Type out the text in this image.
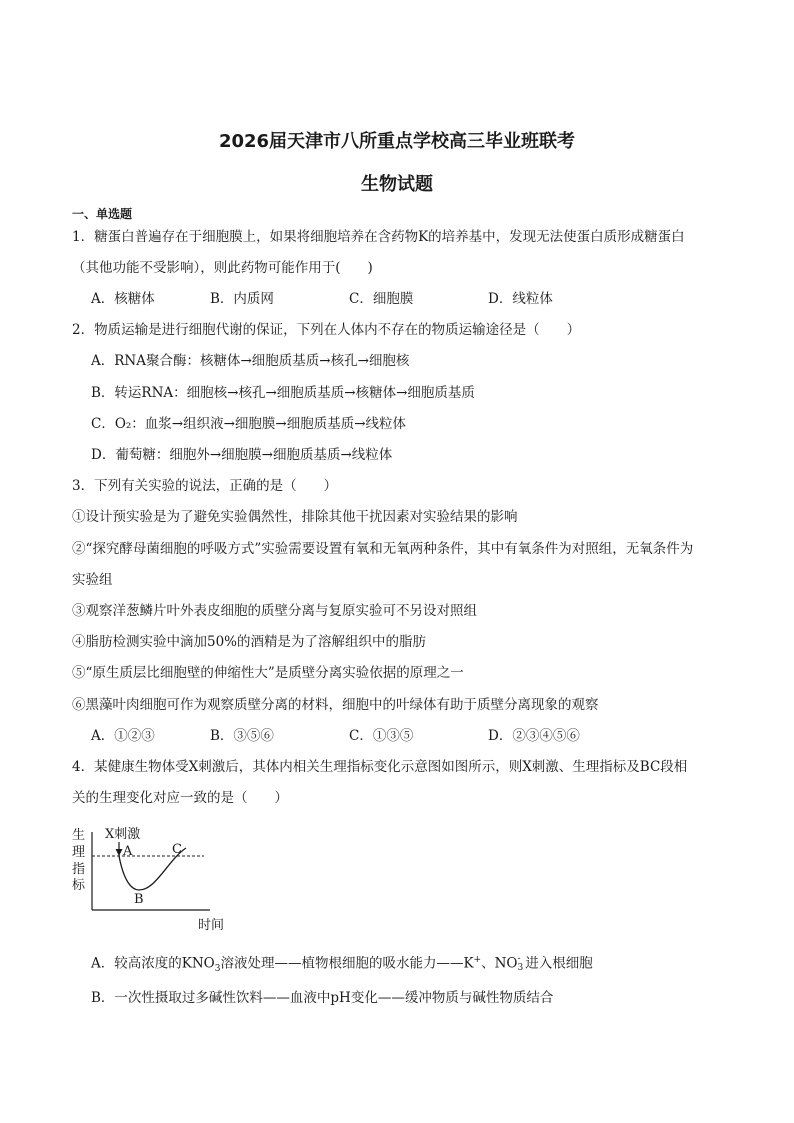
2026届天津市八所重点学校高三毕业班联考
生物试题
一、单选题
1．糖蛋白普遍存在于细胞膜上，如果将细胞培养在含药物K的培养基中，发现无法使蛋白质形成糖蛋白
（其他功能不受影响），则此药物可能作用于(　　)
A．核糖体	B．内质网	C．细胞膜	D．线粒体
2．物质运输是进行细胞代谢的保证，下列在人体内不存在的物质运输途径是（　　）
A．RNA聚合酶：核糖体→细胞质基质→核孔→细胞核
B．转运RNA：细胞核→核孔→细胞质基质→核糖体→细胞质基质
C．O₂：血浆→组织液→细胞膜→细胞质基质→线粒体
D．葡萄糖：细胞外→细胞膜→细胞质基质→线粒体
3．下列有关实验的说法，正确的是（　　）
①设计预实验是为了避免实验偶然性，排除其他干扰因素对实验结果的影响
②“探究酵母菌细胞的呼吸方式”实验需要设置有氧和无氧两种条件，其中有氧条件为对照组，无氧条件为
实验组
③观察洋葱鳞片叶外表皮细胞的质壁分离与复原实验可不另设对照组
④脂肪检测实验中滴加50%的酒精是为了溶解组织中的脂肪
⑤“原生质层比细胞壁的伸缩性大”是质壁分离实验依据的原理之一
⑥黑藻叶肉细胞可作为观察质壁分离的材料，细胞中的叶绿体有助于质壁分离现象的观察
A．①②③	B．③⑤⑥	C．①③⑤	D．②③④⑤⑥
4．某健康生物体受X刺激后，其体内相关生理指标变化示意图如图所示，则X刺激、生理指标及BC段相
关的生理变化对应一致的是（　　）
生
理
指
标
时间
X刺激
A
B
C
A．较高浓度的$KNO_3$溶液处理——植物根细胞的吸水能力——K+、NO -
3 进入根细胞
B．一次性摄取过多碱性饮料——血液中pH变化——缓冲物质与碱性物质结合
